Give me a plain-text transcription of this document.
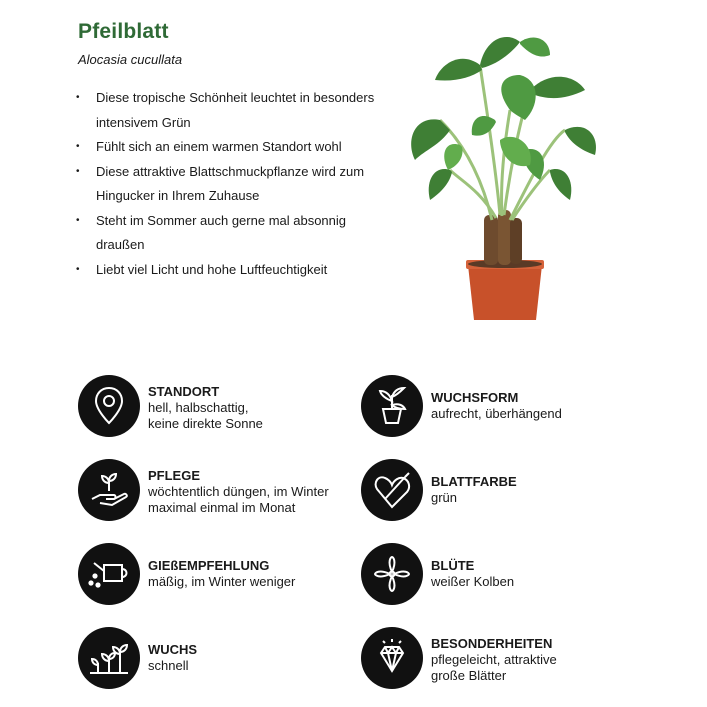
Pfeilblatt
Alocasia cucullata
• Diese tropische Schönheit leuchtet in besonders intensivem Grün
• Fühlt sich an einem warmen Standort wohl
• Diese attraktive Blattschmuckpflanze wird zum Hingucker in Ihrem Zuhause
• Steht im Sommer auch gerne mal absonnig draußen
• Liebt viel Licht und hohe Luftfeuchtigkeit
STANDORT
hell, halbschattig,
keine direkte Sonne
WUCHSFORM
aufrecht, überhängend
PFLEGE
wöchtentlich düngen, im Winter
maximal einmal im Monat
BLATTFARBE
grün
GIEßEMPFEHLUNG
mäßig, im Winter weniger
BLÜTE
weißer Kolben
WUCHS
schnell
BESONDERHEITEN
pflegeleicht, attraktive
große Blätter
